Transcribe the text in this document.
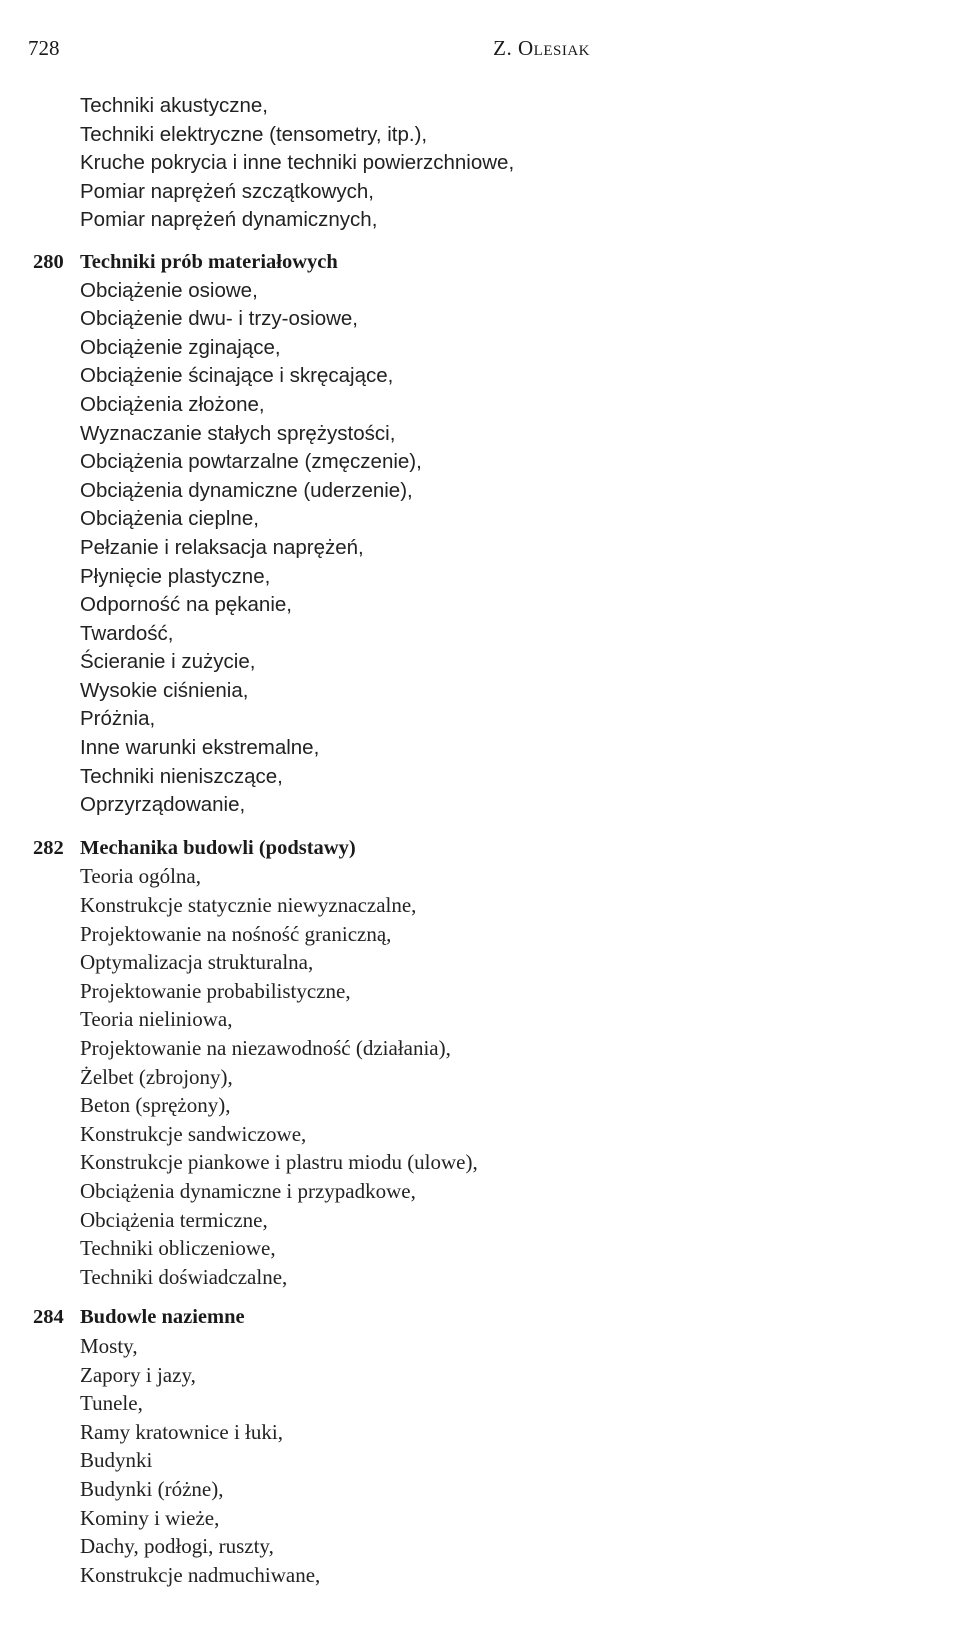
728	Z. Olesiak
Techniki akustyczne,
Techniki elektryczne (tensometry, itp.),
Kruche pokrycia i inne techniki powierzchniowe,
Pomiar naprężeń szczątkowych,
Pomiar naprężeń dynamicznych,
280 Techniki prób materiałowych
Obciążenie osiowe,
Obciążenie dwu- i trzy-osiowe,
Obciążenie zginające,
Obciążenie ścinające i skręcające,
Obciążenia złożone,
Wyznaczanie stałych sprężystości,
Obciążenia powtarzalne (zmęczenie),
Obciążenia dynamiczne (uderzenie),
Obciążenia cieplne,
Pełzanie i relaksacja naprężeń,
Płynięcie plastyczne,
Odporność na pękanie,
Twardość,
Ścieranie i zużycie,
Wysokie ciśnienia,
Próżnia,
Inne warunki ekstremalne,
Techniki nieniszczące,
Oprzyrządowanie,
282 Mechanika budowli (podstawy)
Teoria ogólna,
Konstrukcje statycznie niewyznaczalne,
Projektowanie na nośność graniczną,
Optymalizacja strukturalna,
Projektowanie probabilistyczne,
Teoria nieliniowa,
Projektowanie na niezawodność (działania),
Żelbet (zbrojony),
Beton (sprężony),
Konstrukcje sandwiczowe,
Konstrukcje piankowe i plastru miodu (ulowe),
Obciążenia dynamiczne i przypadkowe,
Obciążenia termiczne,
Techniki obliczeniowe,
Techniki doświadczalne,
284 Budowle naziemne
Mosty,
Zapory i jazy,
Tunele,
Ramy kratownice i łuki,
Budynki
Budynki (różne),
Kominy i wieże,
Dachy, podłogi, ruszty,
Konstrukcje nadmuchiwane,
